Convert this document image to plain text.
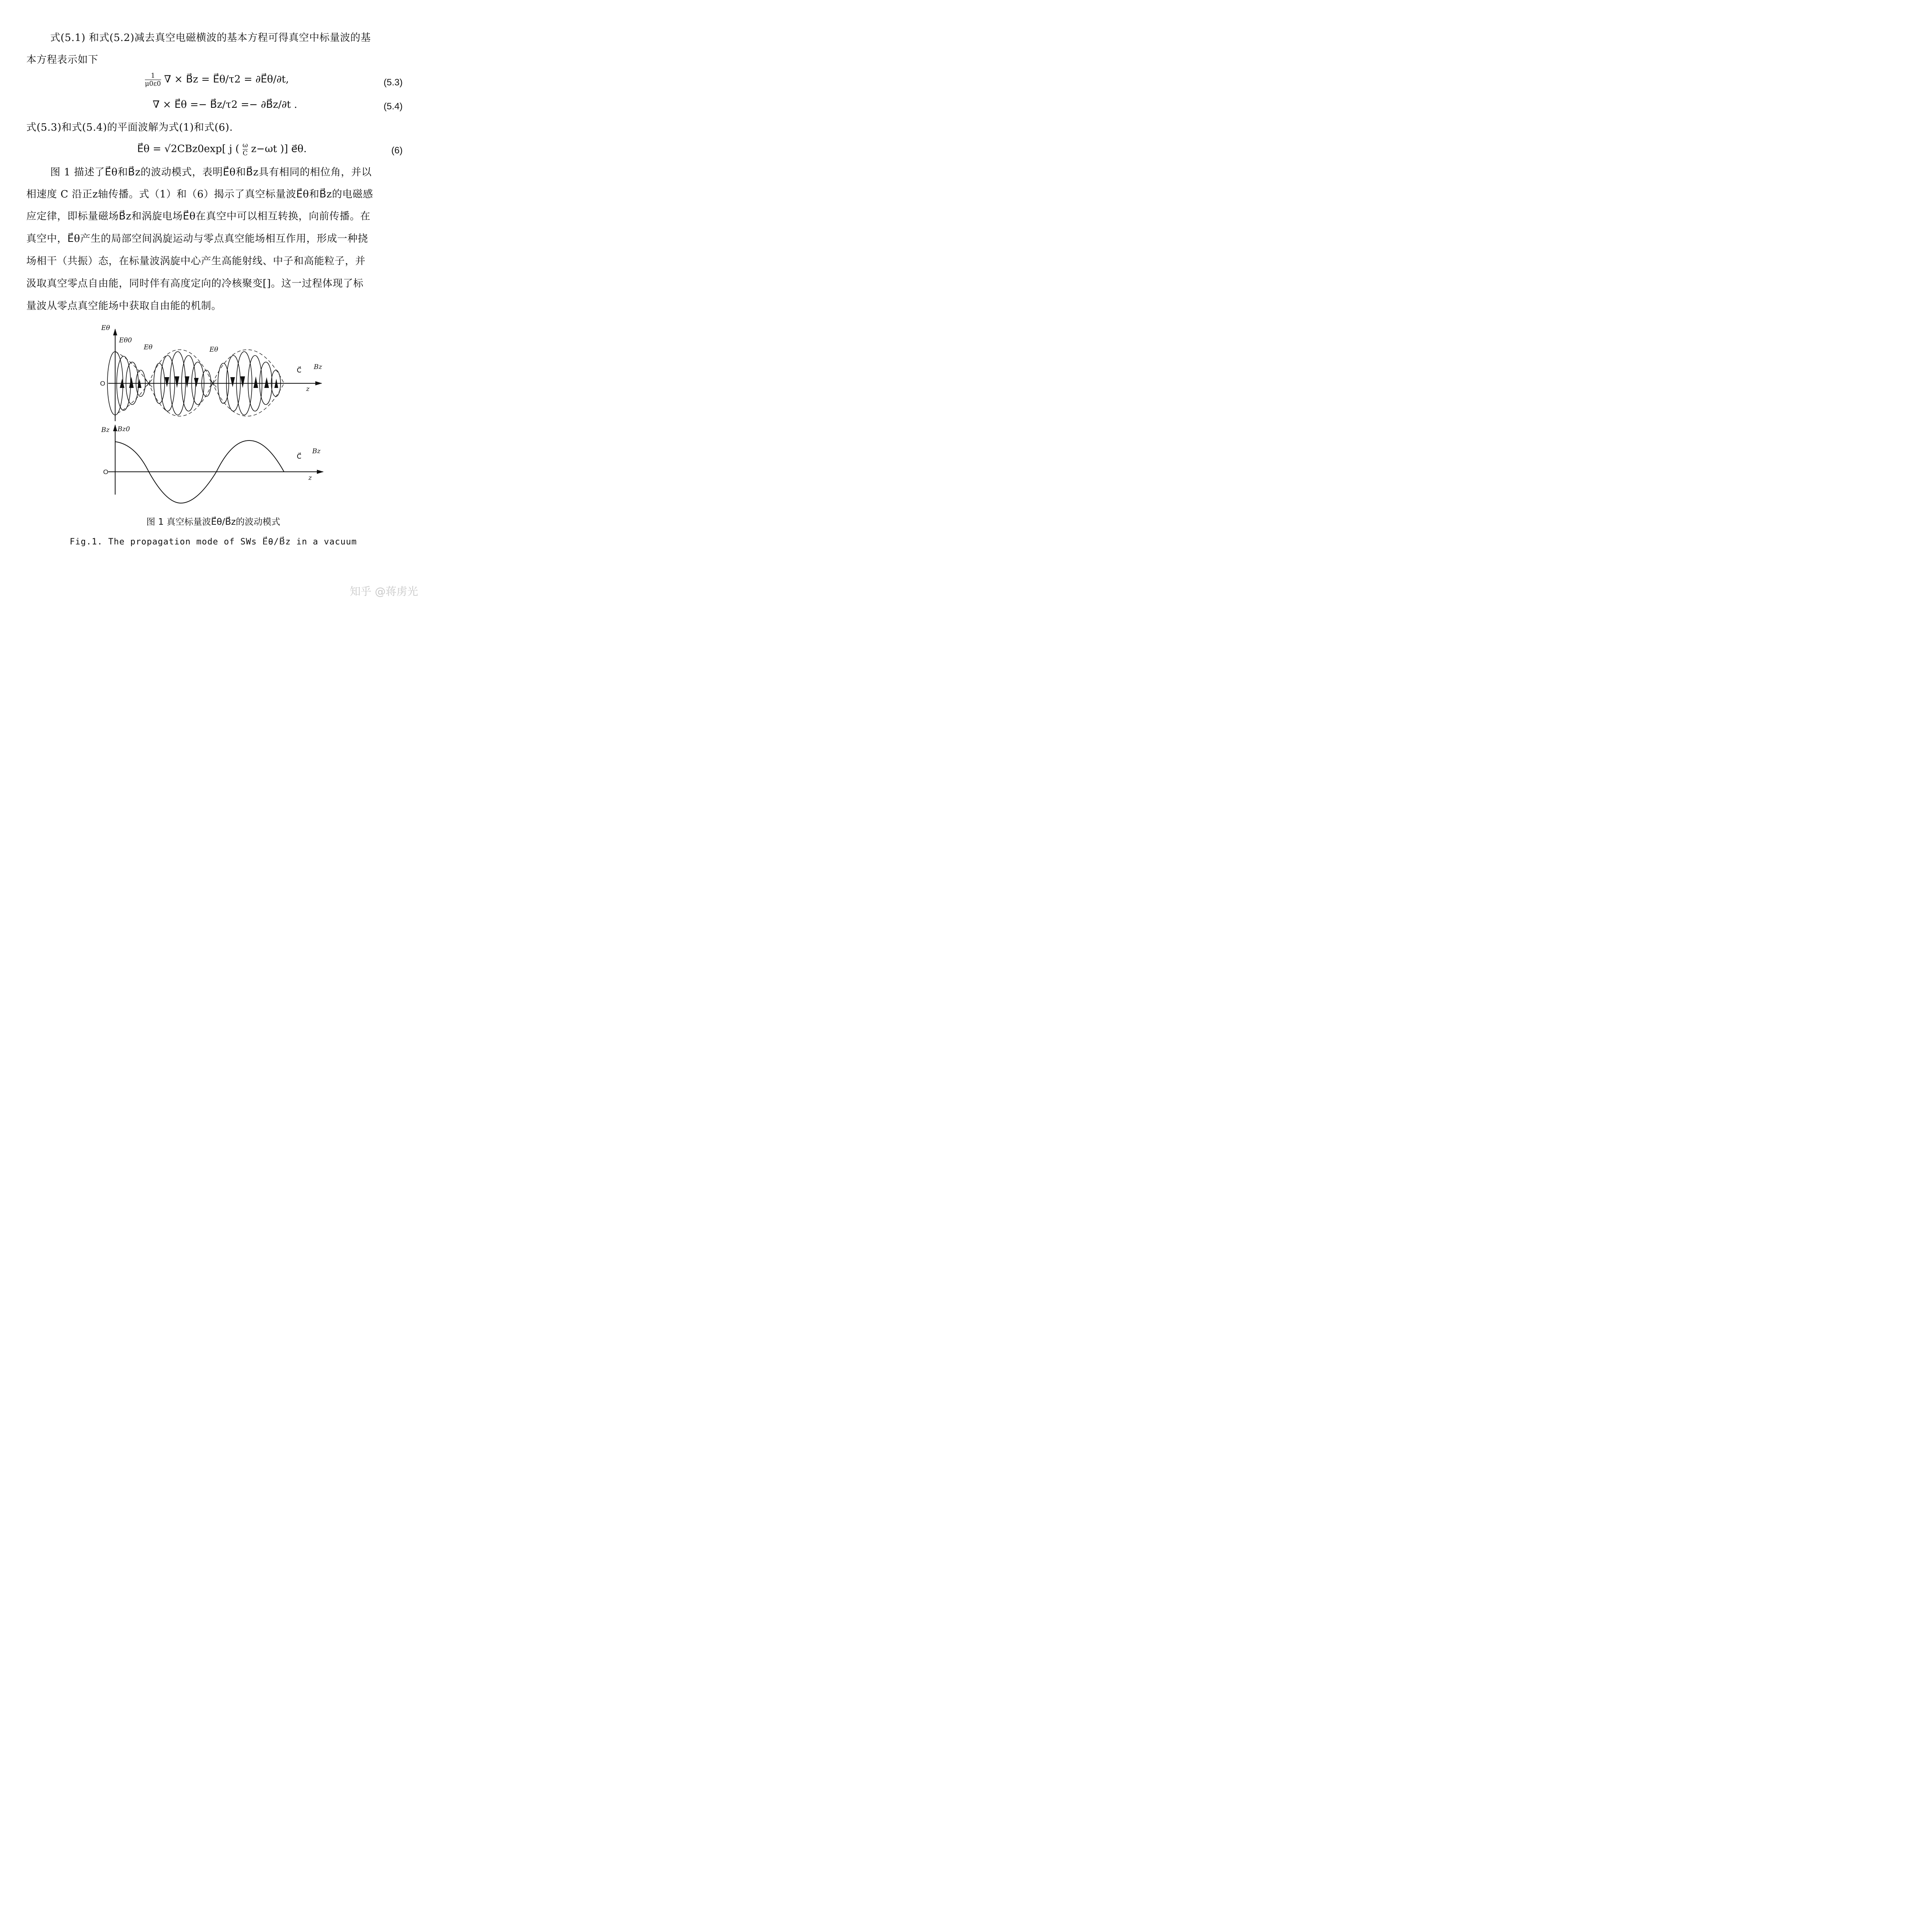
式(5.1) 和式(5.2)减去真空电磁横波的基本方程可得真空中标量波的基

本方程表示如下

$\frac{1}{\mu 0\varepsilon 0}$ ∇ × B⃗z = E⃗θ/τ2 = ∂E⃗θ/∂t,	(5.3)
∇ × E⃗θ =− B⃗z/τ2 =− ∂B⃗z/∂t .	(5.4)

式(5.3)和式(5.4)的平面波解为式(1)和式(6).

E⃗θ = √2CBz0exp[ j ( $\frac{\omega}{C} z-\omega t$ )] e⃗θ.	(6)

图 1 描述了E⃗θ和B⃗z的波动模式，表明E⃗θ和B⃗z具有相同的相位角，并以

相速度 C 沿正z轴传播。式（1）和（6）揭示了真空标量波E⃗θ和B⃗z的电磁感

应定律，即标量磁场B⃗z和涡旋电场E⃗θ在真空中可以相互转换，向前传播。在

真空中，E⃗θ产生的局部空间涡旋运动与零点真空能场相互作用，形成一种挠

场相干（共振）态，在标量波涡旋中心产生高能射线、中子和高能粒子，并

汲取真空零点自由能，同时伴有高度定向的冷核聚变[]。这一过程体现了标

量波从零点真空能场中获取自由能的机制。

Eθ
Eθ0
Eθ	Eθ
C⃗ Bz
O
z
Bz Bz0
C⃗
Bz
O
z
图 1 真空标量波E⃗θ/B⃗z的波动模式
Fig.1. The propagation mode of SWs E⃗θ/B⃗z in a vacuum
知乎 @蒋虏光
